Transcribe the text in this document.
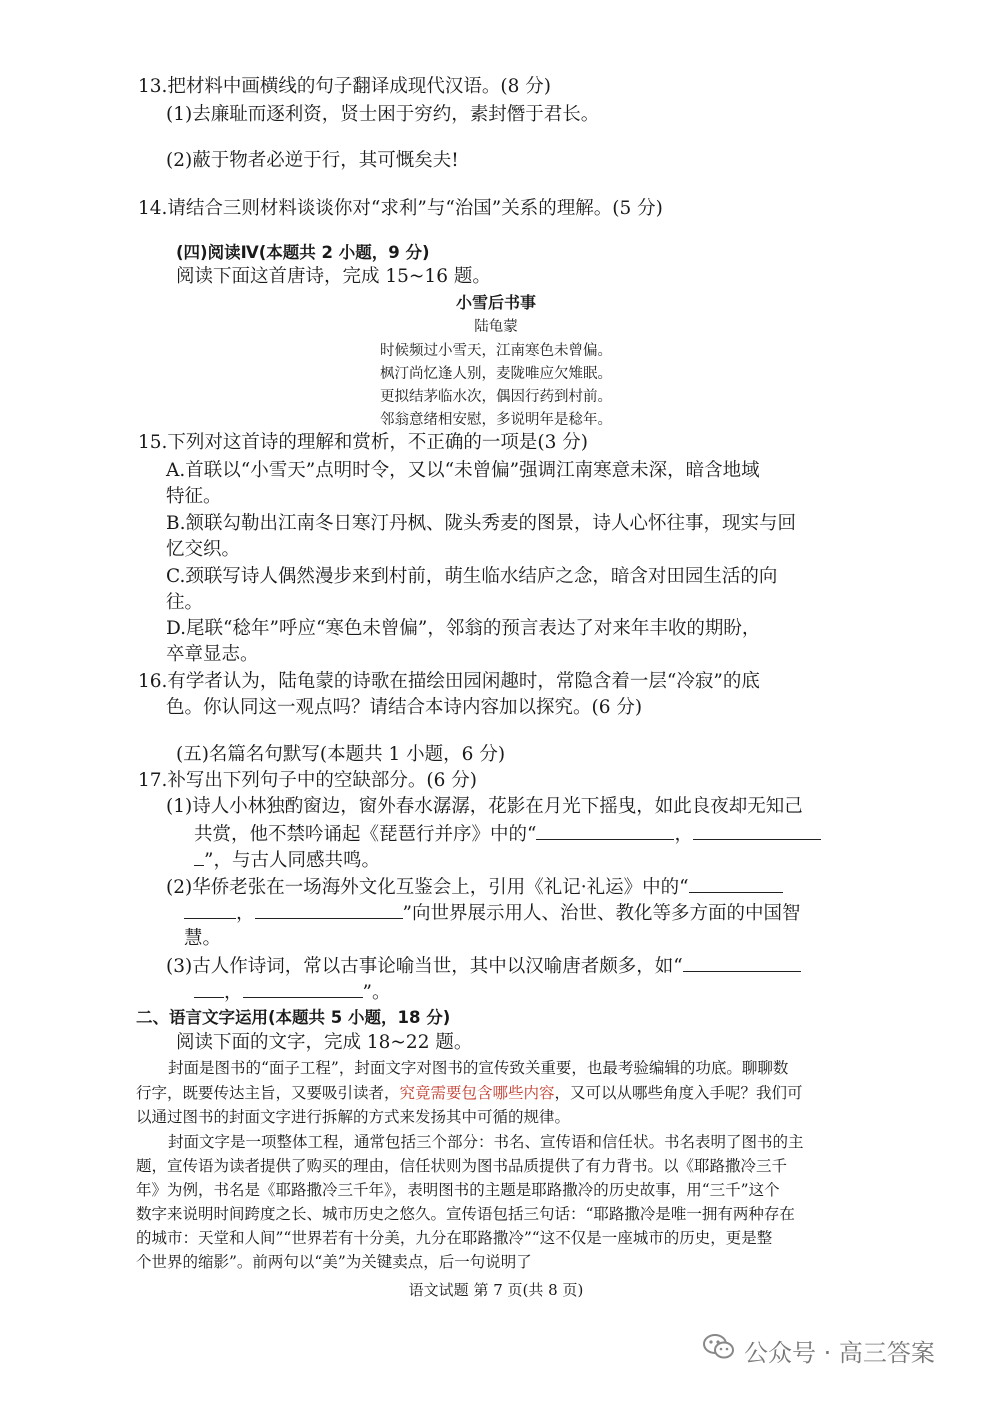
13.把材料中画横线的句子翻译成现代汉语。(8 分)
(1)去廉耻而逐利资，贤士困于穷约，素封僭于君长。
(2)蔽于物者必逆于行，其可慨矣夫!
14.请结合三则材料谈谈你对“求利”与“治国”关系的理解。(5 分)
(四)阅读Ⅳ(本题共 2 小题，9 分)
阅读下面这首唐诗，完成 15~16 题。
小雪后书事
陆龟蒙
时候频过小雪天，江南寒色未曾偏。
枫汀尚忆逢人别，麦陇唯应欠雉眠。
更拟结茅临水次，偶因行药到村前。
邻翁意绪相安慰，多说明年是稔年。
15.下列对这首诗的理解和赏析，不正确的一项是(3 分)
A.首联以“小雪天”点明时令，又以“未曾偏”强调江南寒意未深，暗含地域
特征。
B.颔联勾勒出江南冬日寒汀丹枫、陇头秀麦的图景，诗人心怀往事，现实与回
忆交织。
C.颈联写诗人偶然漫步来到村前，萌生临水结庐之念，暗含对田园生活的向
往。
D.尾联“稔年”呼应“寒色未曾偏”，邻翁的预言表达了对来年丰收的期盼，
卒章显志。
16.有学者认为，陆龟蒙的诗歌在描绘田园闲趣时，常隐含着一层“冷寂”的底
色。你认同这一观点吗？请结合本诗内容加以探究。(6 分)
(五)名篇名句默写(本题共 1 小题，6 分)
17.补写出下列句子中的空缺部分。(6 分)
(1)诗人小林独酌窗边，窗外春水潺潺，花影在月光下摇曳，如此良夜却无知己
共赏，他不禁吟诵起《琵琶行并序》中的“	，
”，与古人同感共鸣。
(2)华侨老张在一场海外文化互鉴会上，引用《礼记·礼运》中的“
，	”向世界展示用人、治世、教化等多方面的中国智
慧。
(3)古人作诗词，常以古事论喻当世，其中以汉喻唐者颇多，如“
，	”。
二、语言文字运用(本题共 5 小题，18 分)
阅读下面的文字，完成 18~22 题。
封面是图书的“面子工程”，封面文字对图书的宣传致关重要，也最考验编辑的功底。聊聊数
行字，既要传达主旨，又要吸引读者，究竟需要包含哪些内容，又可以从哪些角度入手呢？我们可
以通过图书的封面文字进行拆解的方式来发扬其中可循的规律。
封面文字是一项整体工程，通常包括三个部分：书名、宣传语和信任状。书名表明了图书的主
题，宣传语为读者提供了购买的理由，信任状则为图书品质提供了有力背书。以《耶路撒冷三千
年》为例，书名是《耶路撒冷三千年》，表明图书的主题是耶路撒冷的历史故事，用“三千”这个
数字来说明时间跨度之长、城市历史之悠久。宣传语包括三句话：“耶路撒冷是唯一拥有两种存在
的城市：天堂和人间”“世界若有十分美，九分在耶路撒冷”“这不仅是一座城市的历史，更是整
个世界的缩影”。前两句以“美”为关键卖点，后一句说明了
语文试题 第 7 页(共 8 页)
公众号 · 高三答案
